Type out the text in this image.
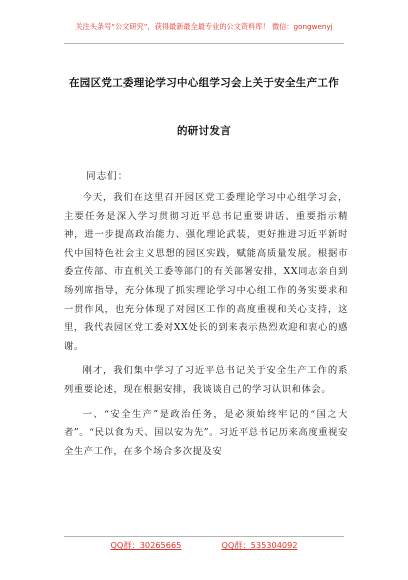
关注头条号“公文研究”，获得最新最全最专业的公文资料库！ 微信：gongwenyj
在园区党工委理论学习中心组学习会上关于安全生产工作
的研讨发言
同志们：

今天，我们在这里召开园区党工委理论学习中心组学习会，主要任务是深入学习贯彻习近平总书记重要讲话、重要指示精神，进一步提高政治能力、强化理论武装，更好推进习近平新时代中国特色社会主义思想的园区实践，赋能高质量发展。根据市委宣传部、市直机关工委等部门的有关部署安排，XX同志亲自到场列席指导，充分体现了抓实理论学习中心组工作的务实要求和一贯作风，也充分体现了对园区工作的高度重视和关心支持，这里，我代表园区党工委对XX处长的到来表示热烈欢迎和衷心的感谢。

刚才，我们集中学习了习近平总书记关于安全生产工作的系列重要论述，现在根据安排，我谈谈自己的学习认识和体会。

一、“安全生产”是政治任务，是必须始终牢记的“国之大者”。“民以食为天、国以安为先”。习近平总书记历来高度重视安全生产工作，在多个场合多次提及安

QQ群：30265665	QQ群：535304092
